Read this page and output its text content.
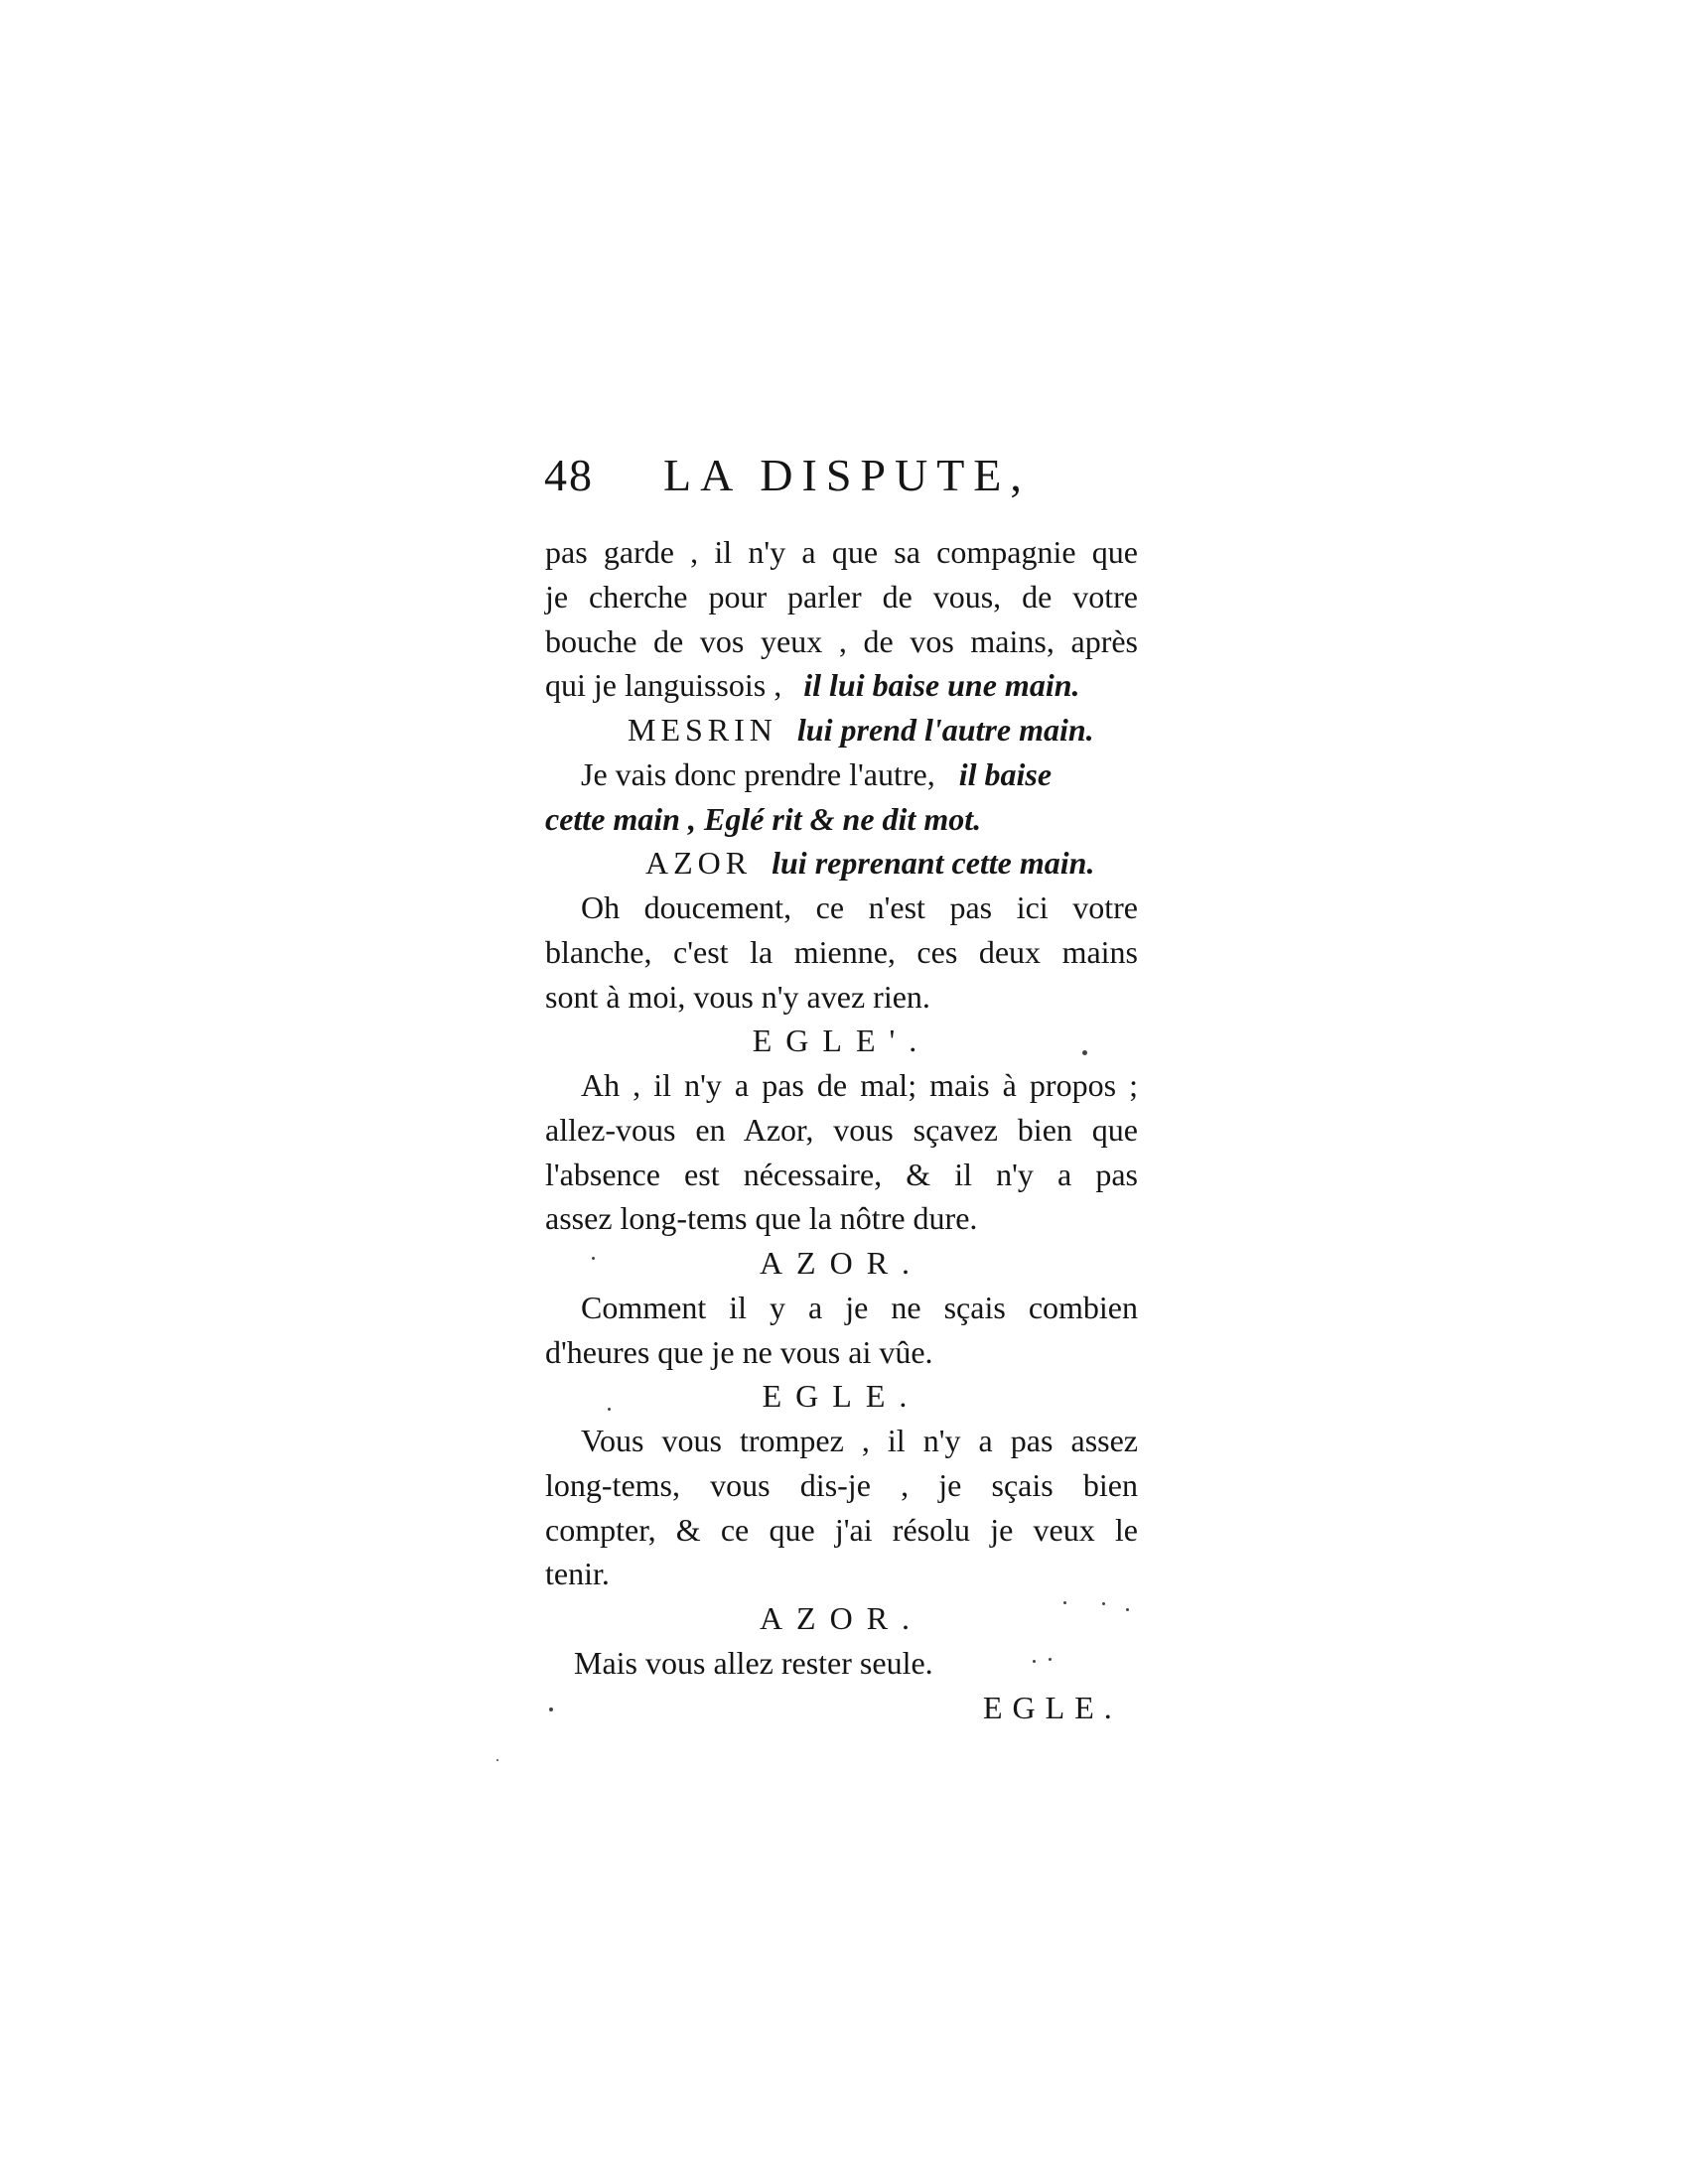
48 LA DISPUTE,
pas garde , il n'y a que sa compagnie que
je cherche pour parler de vous, de votre
bouche de vos yeux , de vos mains, après
qui je languissois , il lui baise une main.
MESRIN lui prend l'autre main.
Je vais donc prendre l'autre, il baise
cette main , Eglé rit & ne dit mot.
AZOR lui reprenant cette main.
Oh doucement, ce n'est pas ici votre
blanche, c'est la mienne, ces deux mains
sont à moi, vous n'y avez rien.
EGLE'.
Ah , il n'y a pas de mal; mais à propos ;
allez-vous en Azor, vous sçavez bien que
l'absence est nécessaire, & il n'y a pas
assez long-tems que la nôtre dure.
AZOR.
Comment il y a je ne sçais combien
d'heures que je ne vous ai vûe.
EGLE.
Vous vous trompez , il n'y a pas assez
long-tems, vous dis-je , je sçais bien
compter, & ce que j'ai résolu je veux le
tenir.
AZOR.
Mais vous allez rester seule.
EGLE.
